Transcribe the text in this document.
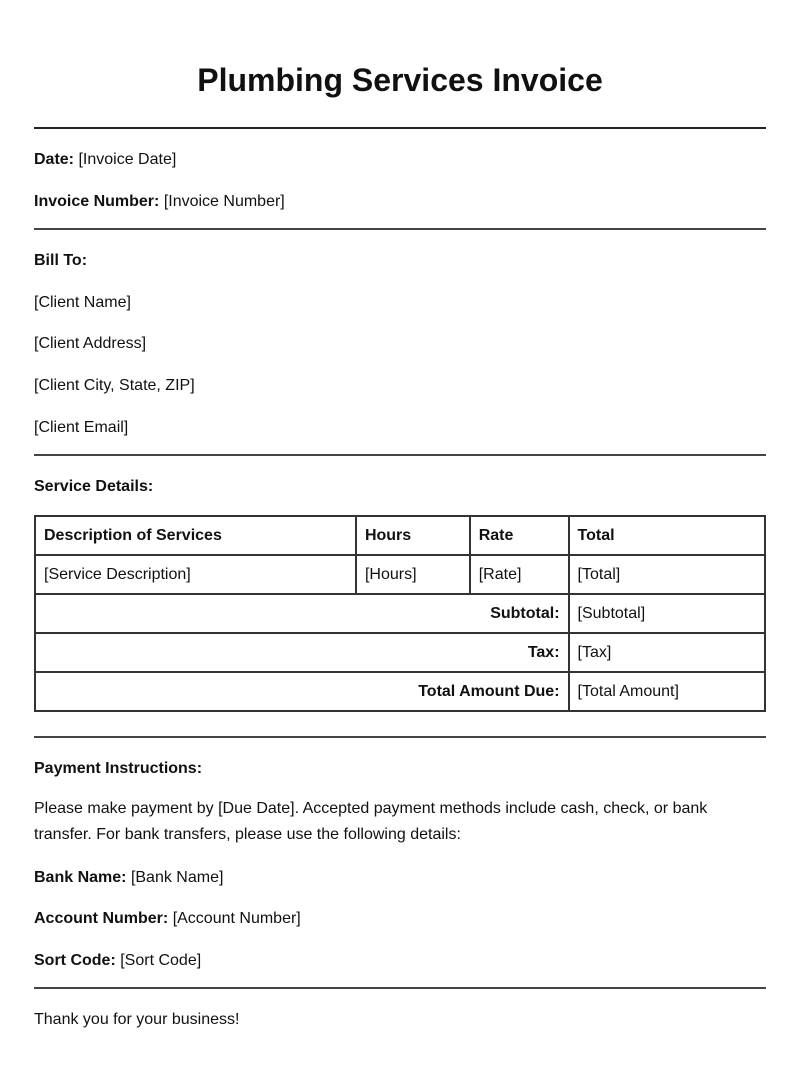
Plumbing Services Invoice
Date: [Invoice Date]
Invoice Number: [Invoice Number]
Bill To:
[Client Name]
[Client Address]
[Client City, State, ZIP]
[Client Email]
Service Details:
Description of Services	Hours	Rate	Total
[Service Description]	[Hours]	[Rate]	[Total]
Subtotal:			[Subtotal]
Tax:			[Tax]
Total Amount Due:			[Total Amount]
Payment Instructions:
Please make payment by [Due Date]. Accepted payment methods include cash, check, or bank transfer. For bank transfers, please use the following details:
Bank Name: [Bank Name]
Account Number: [Account Number]
Sort Code: [Sort Code]
Thank you for your business!
